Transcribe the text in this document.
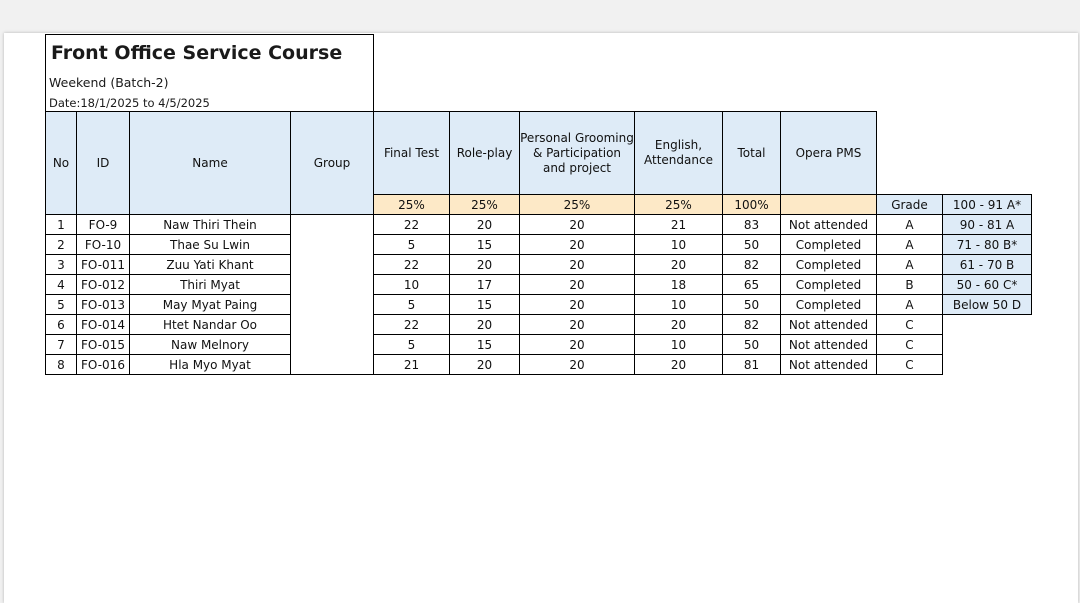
Front Office Service Course
Weekend (Batch-2)
Date:18/1/2025 to 4/5/2025
No	ID	Name	Group	Final Test	Role-play	Personal Grooming & Participation and project	English, Attendance	Total	Opera PMS		
				25%	25%	25%	25%	100%		Grade	100 - 91 A*
1	FO-9	Naw Thiri Thein		22	20	20	21	83	Not attended	A	90 - 81 A
2	FO-10	Thae Su Lwin		5	15	20	10	50	Completed	A	71 - 80 B*
3	FO-011	Zuu Yati Khant		22	20	20	20	82	Completed	A	61 - 70 B
4	FO-012	Thiri Myat		10	17	20	18	65	Completed	B	50 - 60 C*
5	FO-013	May Myat Paing		5	15	20	10	50	Completed	A	Below 50 D
6	FO-014	Htet Nandar Oo		22	20	20	20	82	Not attended	C	
7	FO-015	Naw Melnory		5	15	20	10	50	Not attended	C	
8	FO-016	Hla Myo Myat		21	20	20	20	81	Not attended	C	
